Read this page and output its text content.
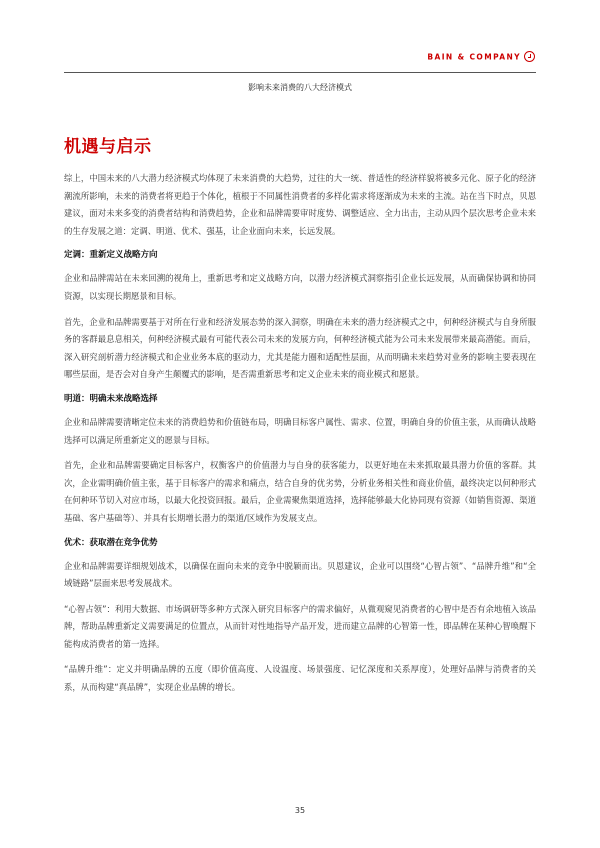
BAIN & COMPANY
影响未来消费的八大经济模式
机遇与启示

综上，中国未来的八大潜力经济模式均体现了未来消费的大趋势，过往的大一统、普适性的经济样貌将被多元化、原子化的经济潮流所影响，未来的消费者将更趋于个体化，植根于不同属性消费者的多样化需求将逐渐成为未来的主流。站在当下时点，贝恩建议，面对未来多变的消费者结构和消费趋势，企业和品牌需要审时度势、调整适应、全力出击，主动从四个层次思考企业未来的生存发展之道：定调、明道、优术、强基，让企业面向未来，长远发展。

定调：重新定义战略方向

企业和品牌需站在未来回溯的视角上，重新思考和定义战略方向，以潜力经济模式洞察指引企业长远发展，从而确保协调和协同资源，以实现长期愿景和目标。

首先，企业和品牌需要基于对所在行业和经济发展态势的深入洞察，明确在未来的潜力经济模式之中，何种经济模式与自身所服务的客群最息息相关，何种经济模式最有可能代表公司未来的发展方向，何种经济模式能为公司未来发展带来最高潜能。而后，深入研究剖析潜力经济模式和企业业务本底的驱动力，尤其是能力圈和适配性层面，从而明确未来趋势对业务的影响主要表现在哪些层面，是否会对自身产生颠覆式的影响，是否需重新思考和定义企业未来的商业模式和愿景。

明道：明确未来战略选择

企业和品牌需要清晰定位未来的消费趋势和价值链布局，明确目标客户属性、需求、位置，明确自身的价值主张，从而确认战略选择可以满足所重新定义的愿景与目标。

首先，企业和品牌需要确定目标客户，权衡客户的价值潜力与自身的获客能力，以更好地在未来抓取最具潜力价值的客群。其次，企业需明确价值主张，基于目标客户的需求和痛点，结合自身的优劣势，分析业务相关性和商业价值，最终决定以何种形式在何种环节切入对应市场，以最大化投资回报。最后，企业需聚焦渠道选择，选择能够最大化协同现有资源（如销售资源、渠道基础、客户基础等）、并具有长期增长潜力的渠道/区域作为发展支点。

优术：获取潜在竞争优势

企业和品牌需要详细规划战术，以确保在面向未来的竞争中脱颖而出。贝恩建议，企业可以围绕“心智占领”、“品牌升维”和“全域链路”层面来思考发展战术。

“心智占领”：利用大数据、市场调研等多种方式深入研究目标客户的需求偏好，从微观窥见消费者的心智中是否有余地植入该品牌，帮助品牌重新定义需要满足的位置点，从而针对性地指导产品开发，进而建立品牌的心智第一性，即品牌在某种心智唤醒下能构成消费者的第一选择。

“品牌升维”：定义并明确品牌的五度（即价值高度、人设温度、场景强度、记忆深度和关系厚度），处理好品牌与消费者的关系，从而构建“真品牌”，实现企业品牌的增长。

35
